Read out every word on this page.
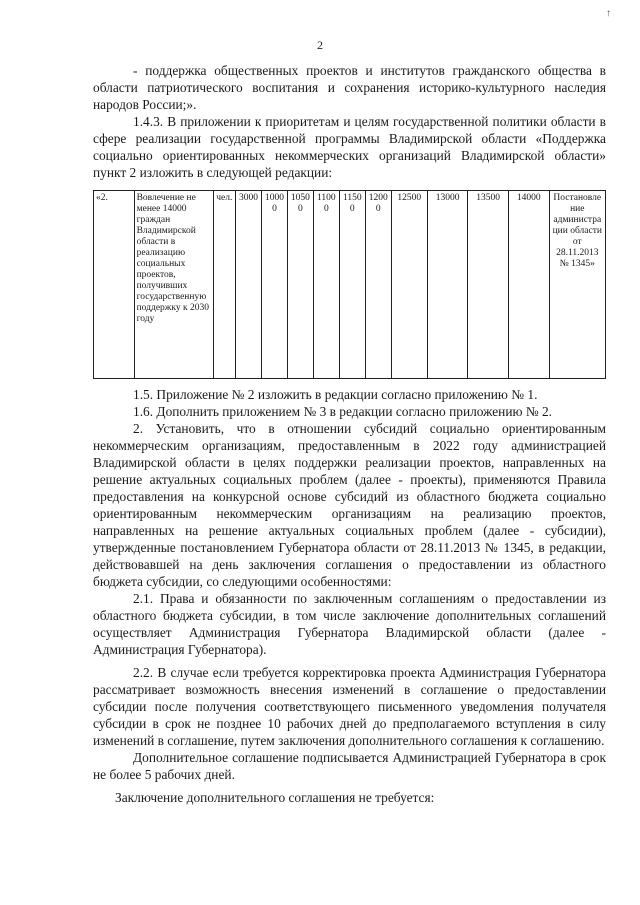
↑
2

- поддержка общественных проектов и институтов гражданского общества в области патриотического воспитания и сохранения историко-культурного наследия народов России;».

1.4.3. В приложении к приоритетам и целям государственной политики области в сфере реализации государственной программы Владимирской области «Поддержка социально ориентированных некоммерческих организаций Владимирской области» пункт 2 изложить в следующей редакции:

«2.	Вовлечение не менее 14000 граждан Владимирской области в реализацию социальных проектов, получивших государственную поддержку к 2030 году	чел.	3000	10000	10500	11000	11500	12000	12500	13000	13500	14000	Постановление администрации области от 28.11.2013 № 1345»

1.5. Приложение № 2 изложить в редакции согласно приложению № 1.

1.6. Дополнить приложением № 3 в редакции согласно приложению № 2.

2. Установить, что в отношении субсидий социально ориентированным некоммерческим организациям, предоставленным в 2022 году администрацией Владимирской области в целях поддержки реализации проектов, направленных на решение актуальных социальных проблем (далее - проекты), применяются Правила предоставления на конкурсной основе субсидий из областного бюджета социально ориентированным некоммерческим организациям на реализацию проектов, направленных на решение актуальных социальных проблем (далее - субсидии), утвержденные постановлением Губернатора области от 28.11.2013 № 1345, в редакции, действовавшей на день заключения соглашения о предоставлении из областного бюджета субсидии, со следующими особенностями:

2.1. Права и обязанности по заключенным соглашениям о предоставлении из областного бюджета субсидии, в том числе заключение дополнительных соглашений осуществляет Администрация Губернатора Владимирской области (далее - Администрация Губернатора).

2.2. В случае если требуется корректировка проекта Администрация Губернатора рассматривает возможность внесения изменений в соглашение о предоставлении субсидии после получения соответствующего письменного уведомления получателя субсидии в срок не позднее 10 рабочих дней до предполагаемого вступления в силу изменений в соглашение, путем заключения дополнительного соглашения к соглашению.

Дополнительное соглашение подписывается Администрацией Губернатора в срок не более 5 рабочих дней.

Заключение дополнительного соглашения не требуется:
